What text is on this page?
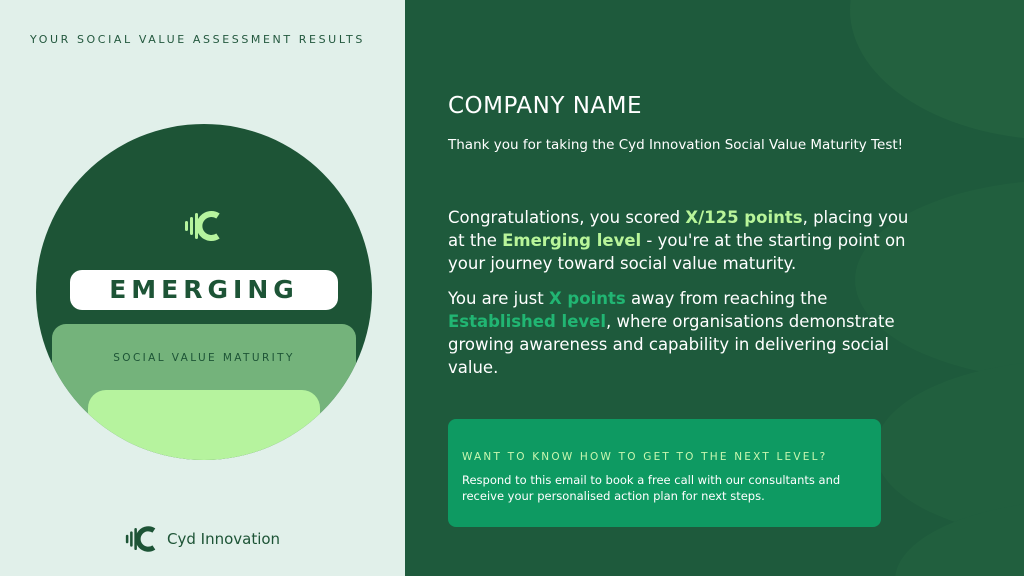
YOUR SOCIAL VALUE ASSESSMENT RESULTS
SOCIAL VALUE MATURITY
EMERGING
Cyd Innovation
COMPANY NAME
Thank you for taking the Cyd Innovation Social Value Maturity Test!
Congratulations, you scored X/125 points, placing you at the Emerging level - you're at the starting point on your journey toward social value maturity.
You are just X points away from reaching the Established level, where organisations demonstrate growing awareness and capability in delivering social value.
WANT TO KNOW HOW TO GET TO THE NEXT LEVEL?
Respond to this email to book a free call with our consultants and receive your personalised action plan for next steps.
